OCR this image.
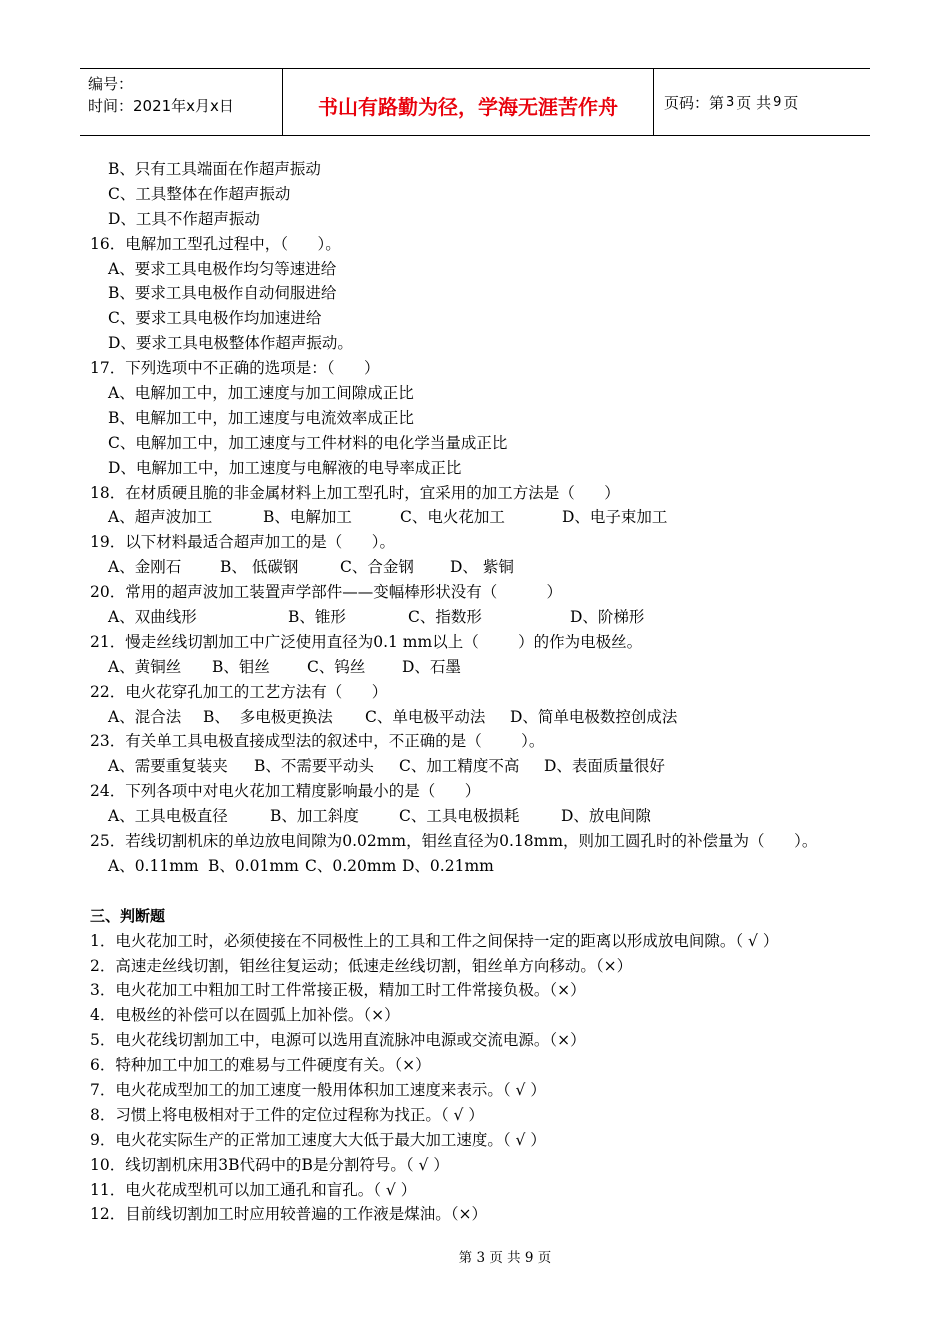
编号：
时间：2021年x月x日	书山有路勤为径，学海无涯苦作舟	页码：第 3 页 共 9 页
B、只有工具端面在作超声振动
C、工具整体在作超声振动
D、工具不作超声振动
16．电解加工型孔过程中，（      ）。
A、要求工具电极作均匀等速进给
B、要求工具电极作自动伺服进给
C、要求工具电极作均加速进给
D、要求工具电极整体作超声振动。
17．下列选项中不正确的选项是：（      ）
A、电解加工中，加工速度与加工间隙成正比
B、电解加工中，加工速度与电流效率成正比
C、电解加工中，加工速度与工件材料的电化学当量成正比
D、电解加工中，加工速度与电解液的电导率成正比
18．在材质硬且脆的非金属材料上加工型孔时，宜采用的加工方法是（      ）
A、超声波加工	B、电解加工	C、电火花加工	D、电子束加工
19．以下材料最适合超声加工的是（      ）。
A、金刚石	B、 低碳钢	C、合金钢 D、 紫铜
20．常用的超声波加工装置声学部件——变幅棒形状没有（          ）
A、双曲线形	B、锥形	C、指数形	D、阶梯形
21．慢走丝线切割加工中广泛使用直径为0.1 mm以上（        ）的作为电极丝。
A、黄铜丝 B、钼丝 C、钨丝 D、石墨
22．电火花穿孔加工的工艺方法有（      ）
A、混合法 B、  多电极更换法 C、单电极平动法 D、简单电极数控创成法
23．有关单工具电极直接成型法的叙述中，不正确的是（        ）。
A、需要重复装夹 B、不需要平动头 C、加工精度不高 D、表面质量很好
24．下列各项中对电火花加工精度影响最小的是（      ）
A、工具电极直径	B、加工斜度	C、工具电极损耗	D、放电间隙
25．若线切割机床的单边放电间隙为0.02mm，钼丝直径为0.18mm，则加工圆孔时的补偿量为（      ）。
A、0.11mm B、0.01mm C、0.20mm D、0.21mm
三、判断题
1．电火花加工时，必须使接在不同极性上的工具和工件之间保持一定的距离以形成放电间隙。（ √ ）
2．高速走丝线切割，钼丝往复运动；低速走丝线切割，钼丝单方向移动。（×）
3．电火花加工中粗加工时工件常接正极，精加工时工件常接负极。（×）
4．电极丝的补偿可以在圆弧上加补偿。（×）
5．电火花线切割加工中，电源可以选用直流脉冲电源或交流电源。（×）
6．特种加工中加工的难易与工件硬度有关。（×）
7．电火花成型加工的加工速度一般用体积加工速度来表示。（ √ ）
8．习惯上将电极相对于工件的定位过程称为找正。（ √ ）
9．电火花实际生产的正常加工速度大大低于最大加工速度。（ √ ）
10．线切割机床用3B代码中的B是分割符号。（ √ ）
11．电火花成型机可以加工通孔和盲孔。（ √ ）
12．目前线切割加工时应用较普遍的工作液是煤油。（×）
第 3 页 共 9 页
